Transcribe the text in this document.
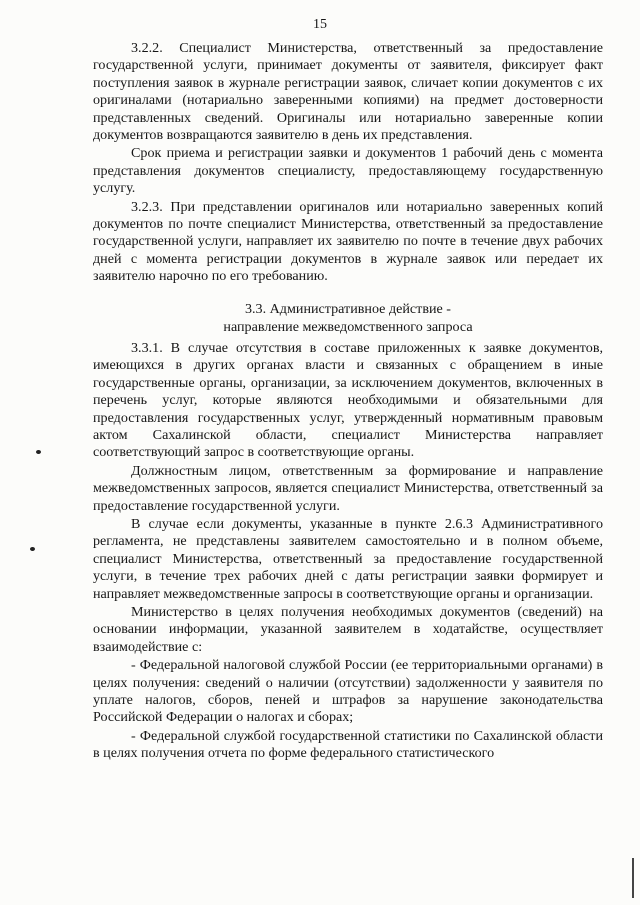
15

3.2.2. Специалист Министерства, ответственный за предоставление государственной услуги, принимает документы от заявителя, фиксирует факт поступления заявок в журнале регистрации заявок, сличает копии документов с их оригиналами (нотариально заверенными копиями) на предмет достоверности представленных сведений. Оригиналы или нотариально заверенные копии документов возвращаются заявителю в день их представления.

Срок приема и регистрации заявки и документов 1 рабочий день с момента представления документов специалисту, предоставляющему государственную услугу.

3.2.3. При представлении оригиналов или нотариально заверенных копий документов по почте специалист Министерства, ответственный за предоставление государственной услуги, направляет их заявителю по почте в течение двух рабочих дней с момента регистрации документов в журнале заявок или передает их заявителю нарочно по его требованию.

3.3. Административное действие -
направление межведомственного запроса

3.3.1. В случае отсутствия в составе приложенных к заявке документов, имеющихся в других органах власти и связанных с обращением в иные государственные органы, организации, за исключением документов, включенных в перечень услуг, которые являются необходимыми и обязательными для предоставления государственных услуг, утвержденный нормативным правовым актом Сахалинской области, специалист Министерства направляет соответствующий запрос в соответствующие органы.

Должностным лицом, ответственным за формирование и направление межведомственных запросов, является специалист Министерства, ответственный за предоставление государственной услуги.

В случае если документы, указанные в пункте 2.6.3 Административного регламента, не представлены заявителем самостоятельно и в полном объеме, специалист Министерства, ответственный за предоставление государственной услуги, в течение трех рабочих дней с даты регистрации заявки формирует и направляет межведомственные запросы в соответствующие органы и организации.

Министерство в целях получения необходимых документов (сведений) на основании информации, указанной заявителем в ходатайстве, осуществляет взаимодействие с:

- Федеральной налоговой службой России (ее территориальными органами) в целях получения: сведений о наличии (отсутствии) задолженности у заявителя по уплате налогов, сборов, пеней и штрафов за нарушение законодательства Российской Федерации о налогах и сборах;

- Федеральной службой государственной статистики по Сахалинской области в целях получения отчета по форме федерального статистического
